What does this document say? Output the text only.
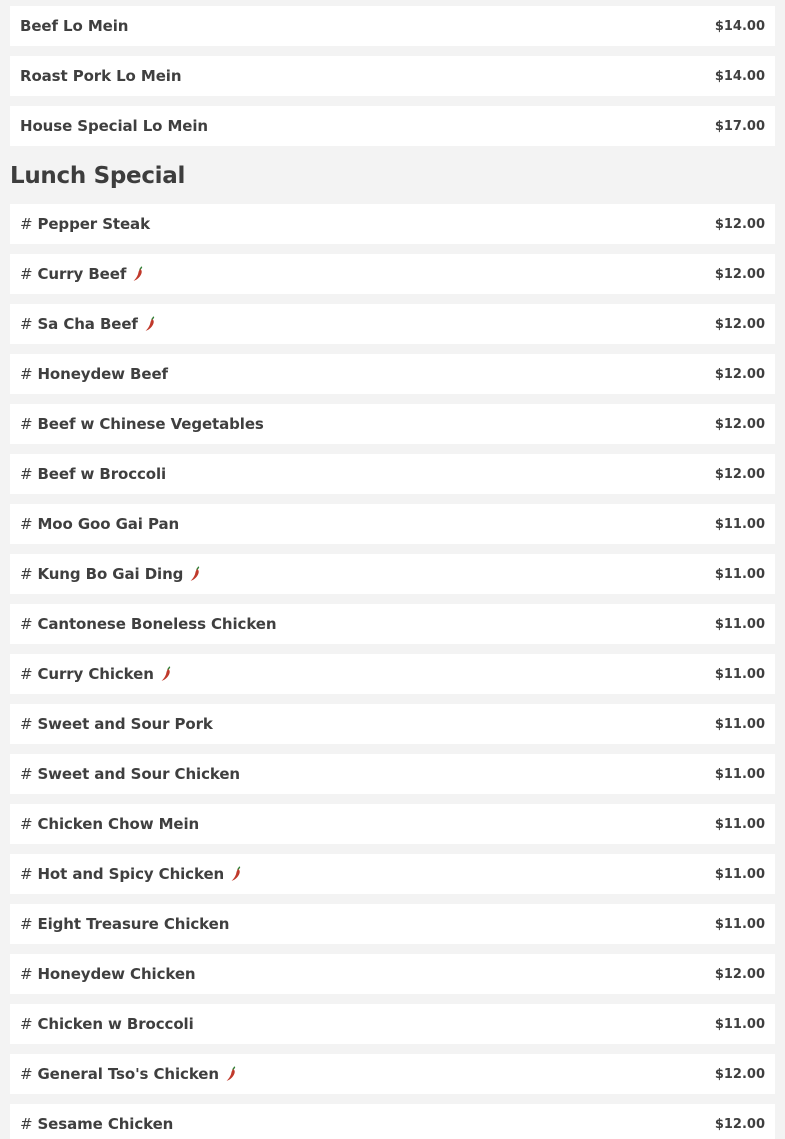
Beef Lo Mein	$14.00
Roast Pork Lo Mein	$14.00
House Special Lo Mein	$17.00
Lunch Special
# Pepper Steak	$12.00
# Curry Beef	$12.00
# Sa Cha Beef	$12.00
# Honeydew Beef	$12.00
# Beef w Chinese Vegetables	$12.00
# Beef w Broccoli	$12.00
# Moo Goo Gai Pan	$11.00
# Kung Bo Gai Ding	$11.00
# Cantonese Boneless Chicken	$11.00
# Curry Chicken	$11.00
# Sweet and Sour Pork	$11.00
# Sweet and Sour Chicken	$11.00
# Chicken Chow Mein	$11.00
# Hot and Spicy Chicken	$11.00
# Eight Treasure Chicken	$11.00
# Honeydew Chicken	$12.00
# Chicken w Broccoli	$11.00
# General Tso's Chicken	$12.00
# Sesame Chicken	$12.00
